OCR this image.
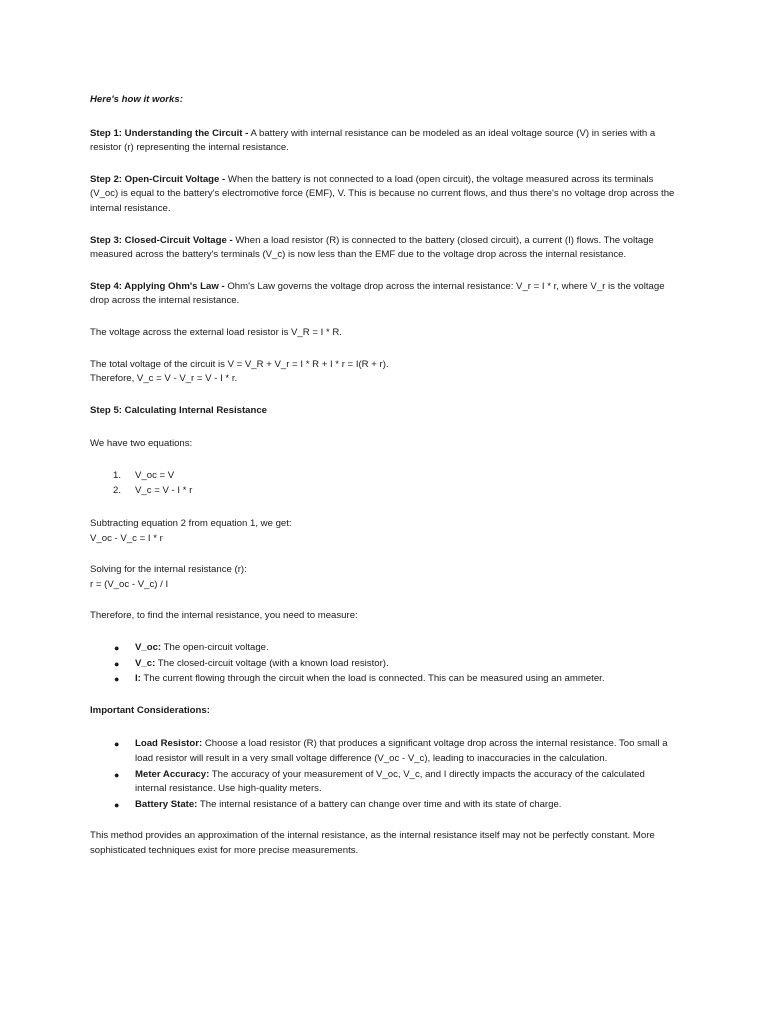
Here's how it works:

Step 1: Understanding the Circuit - A battery with internal resistance can be modeled as an ideal voltage source (V) in series with a resistor (r) representing the internal resistance.

Step 2: Open-Circuit Voltage - When the battery is not connected to a load (open circuit), the voltage measured across its terminals (V_oc) is equal to the battery's electromotive force (EMF), V. This is because no current flows, and thus there's no voltage drop across the internal resistance.

Step 3: Closed-Circuit Voltage - When a load resistor (R) is connected to the battery (closed circuit), a current (I) flows. The voltage measured across the battery's terminals (V_c) is now less than the EMF due to the voltage drop across the internal resistance.

Step 4: Applying Ohm's Law - Ohm's Law governs the voltage drop across the internal resistance: V_r = I * r, where V_r is the voltage drop across the internal resistance.

The voltage across the external load resistor is V_R = I * R.

The total voltage of the circuit is V = V_R + V_r = I * R + I * r = I(R + r).

Therefore, V_c = V - V_r = V - I * r.

Step 5: Calculating Internal Resistance

We have two equations:

1. V_oc = V
2. V_c = V - I * r

Subtracting equation 2 from equation 1, we get:

V_oc - V_c = I * r

Solving for the internal resistance (r):

r = (V_oc - V_c) / I

Therefore, to find the internal resistance, you need to measure:

● V_oc: The open-circuit voltage.
● V_c: The closed-circuit voltage (with a known load resistor).
● I: The current flowing through the circuit when the load is connected. This can be measured using an ammeter.

Important Considerations:

● Load Resistor: Choose a load resistor (R) that produces a significant voltage drop across the internal resistance. Too small a load resistor will result in a very small voltage difference (V_oc - V_c), leading to inaccuracies in the calculation.
● Meter Accuracy: The accuracy of your measurement of V_oc, V_c, and I directly impacts the accuracy of the calculated internal resistance. Use high-quality meters.
● Battery State: The internal resistance of a battery can change over time and with its state of charge.

This method provides an approximation of the internal resistance, as the internal resistance itself may not be perfectly constant. More sophisticated techniques exist for more precise measurements.
